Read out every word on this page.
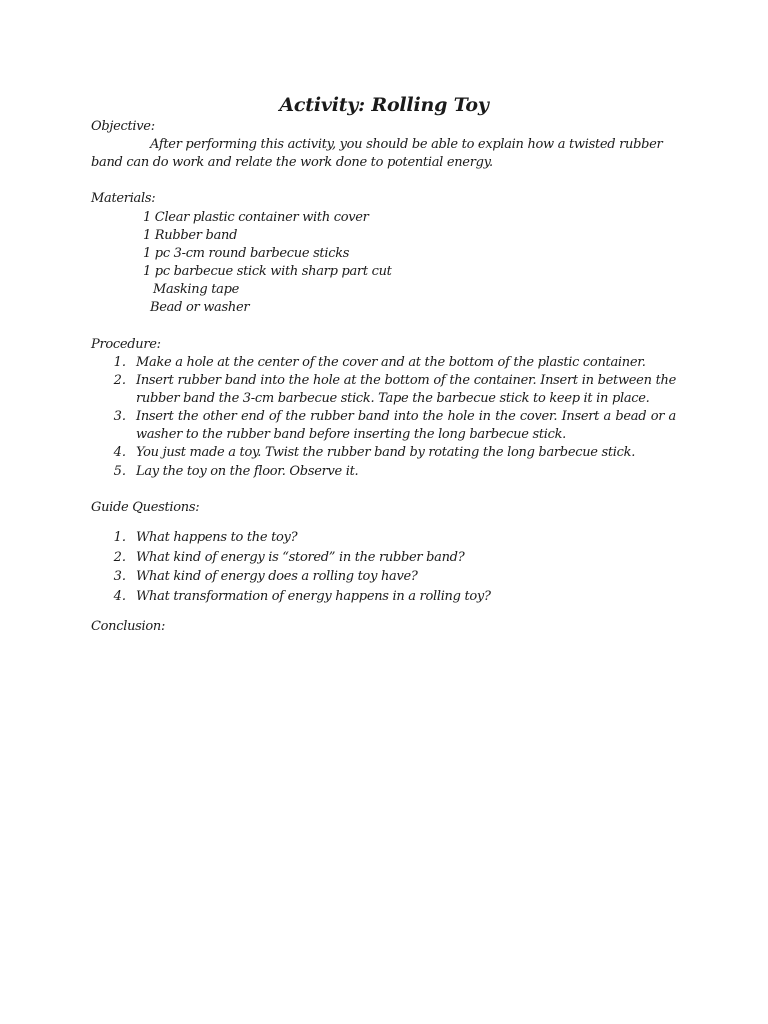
Activity: Rolling Toy
Objective:
After performing this activity, you should be able to explain how a twisted rubber
band can do work and relate the work done to potential energy.
Materials:
1 Clear plastic container with cover
1 Rubber band
1 pc 3-cm round barbecue sticks
1 pc barbecue stick with sharp part cut
Masking tape
Bead or washer
Procedure:
1. Make a hole at the center of the cover and at the bottom of the plastic container.
2. Insert rubber band into the hole at the bottom of the container. Insert in between the rubber band the 3-cm barbecue stick. Tape the barbecue stick to keep it in place.
3. Insert the other end of the rubber band into the hole in the cover. Insert a bead or a washer to the rubber band before inserting the long barbecue stick.
4. You just made a toy. Twist the rubber band by rotating the long barbecue stick.
5. Lay the toy on the floor. Observe it.
Guide Questions:
1. What happens to the toy?
2. What kind of energy is “stored” in the rubber band?
3. What kind of energy does a rolling toy have?
4. What transformation of energy happens in a rolling toy?
Conclusion:
